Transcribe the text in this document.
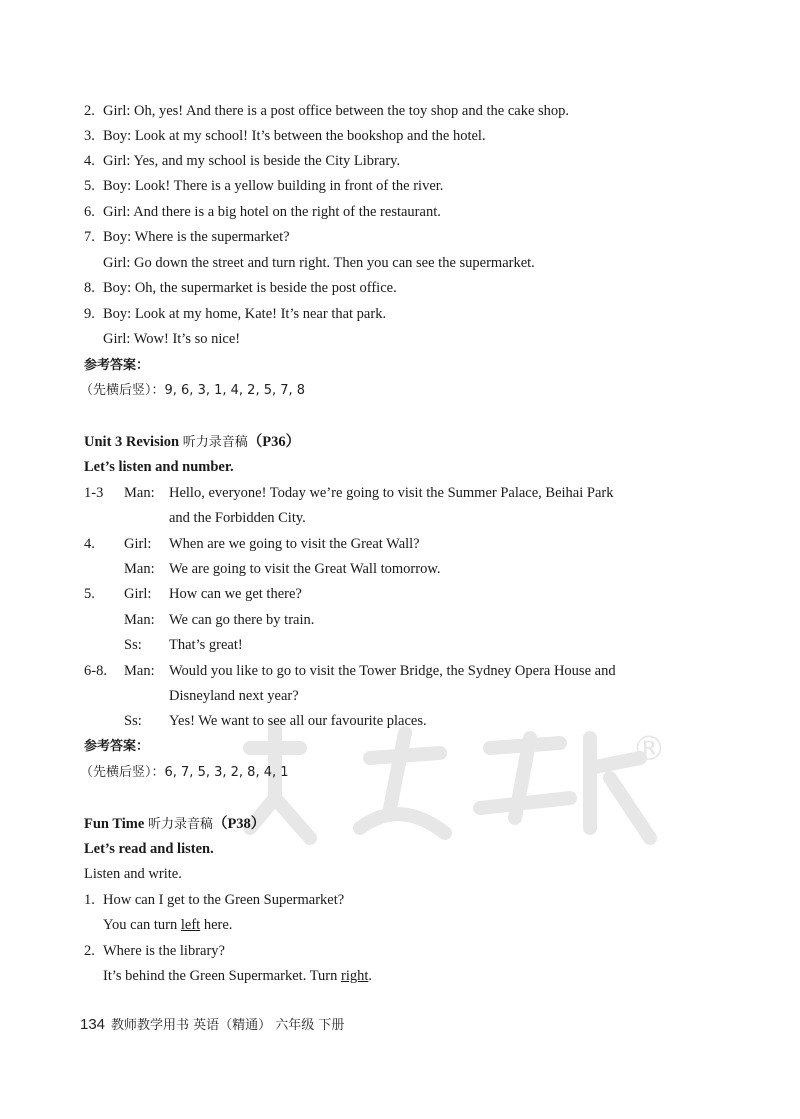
2. Girl: Oh, yes! And there is a post office between the toy shop and the cake shop.
3. Boy: Look at my school! It’s between the bookshop and the hotel.
4. Girl: Yes, and my school is beside the City Library.
5. Boy: Look! There is a yellow building in front of the river.
6. Girl: And there is a big hotel on the right of the restaurant.
7. Boy: Where is the supermarket?
Girl: Go down the street and turn right. Then you can see the supermarket.
8. Boy: Oh, the supermarket is beside the post office.
9. Boy: Look at my home, Kate! It’s near that park.
Girl: Wow! It’s so nice!
参考答案：
（先横后竖）：9, 6, 3, 1, 4, 2, 5, 7, 8
Unit 3 Revision 听力录音稿（P36）
Let’s listen and number.
1-3 Man: Hello, everyone! Today we’re going to visit the Summer Palace, Beihai Park
and the Forbidden City.
4. Girl: When are we going to visit the Great Wall?
Man: We are going to visit the Great Wall tomorrow.
5. Girl: How can we get there?
Man: We can go there by train.
Ss: That’s great!
6-8. Man: Would you like to go to visit the Tower Bridge, the Sydney Opera House and
Disneyland next year?
Ss: Yes! We want to see all our favourite places.
参考答案：
（先横后竖）：6, 7, 5, 3, 2, 8, 4, 1
Fun Time 听力录音稿（P38）
Let’s read and listen.
Listen and write.
1. How can I get to the Green Supermarket?
You can turn left here.
2. Where is the library?
It’s behind the Green Supermarket. Turn right.
134 教师教学用书 英语（精通） 六年级 下册
®
